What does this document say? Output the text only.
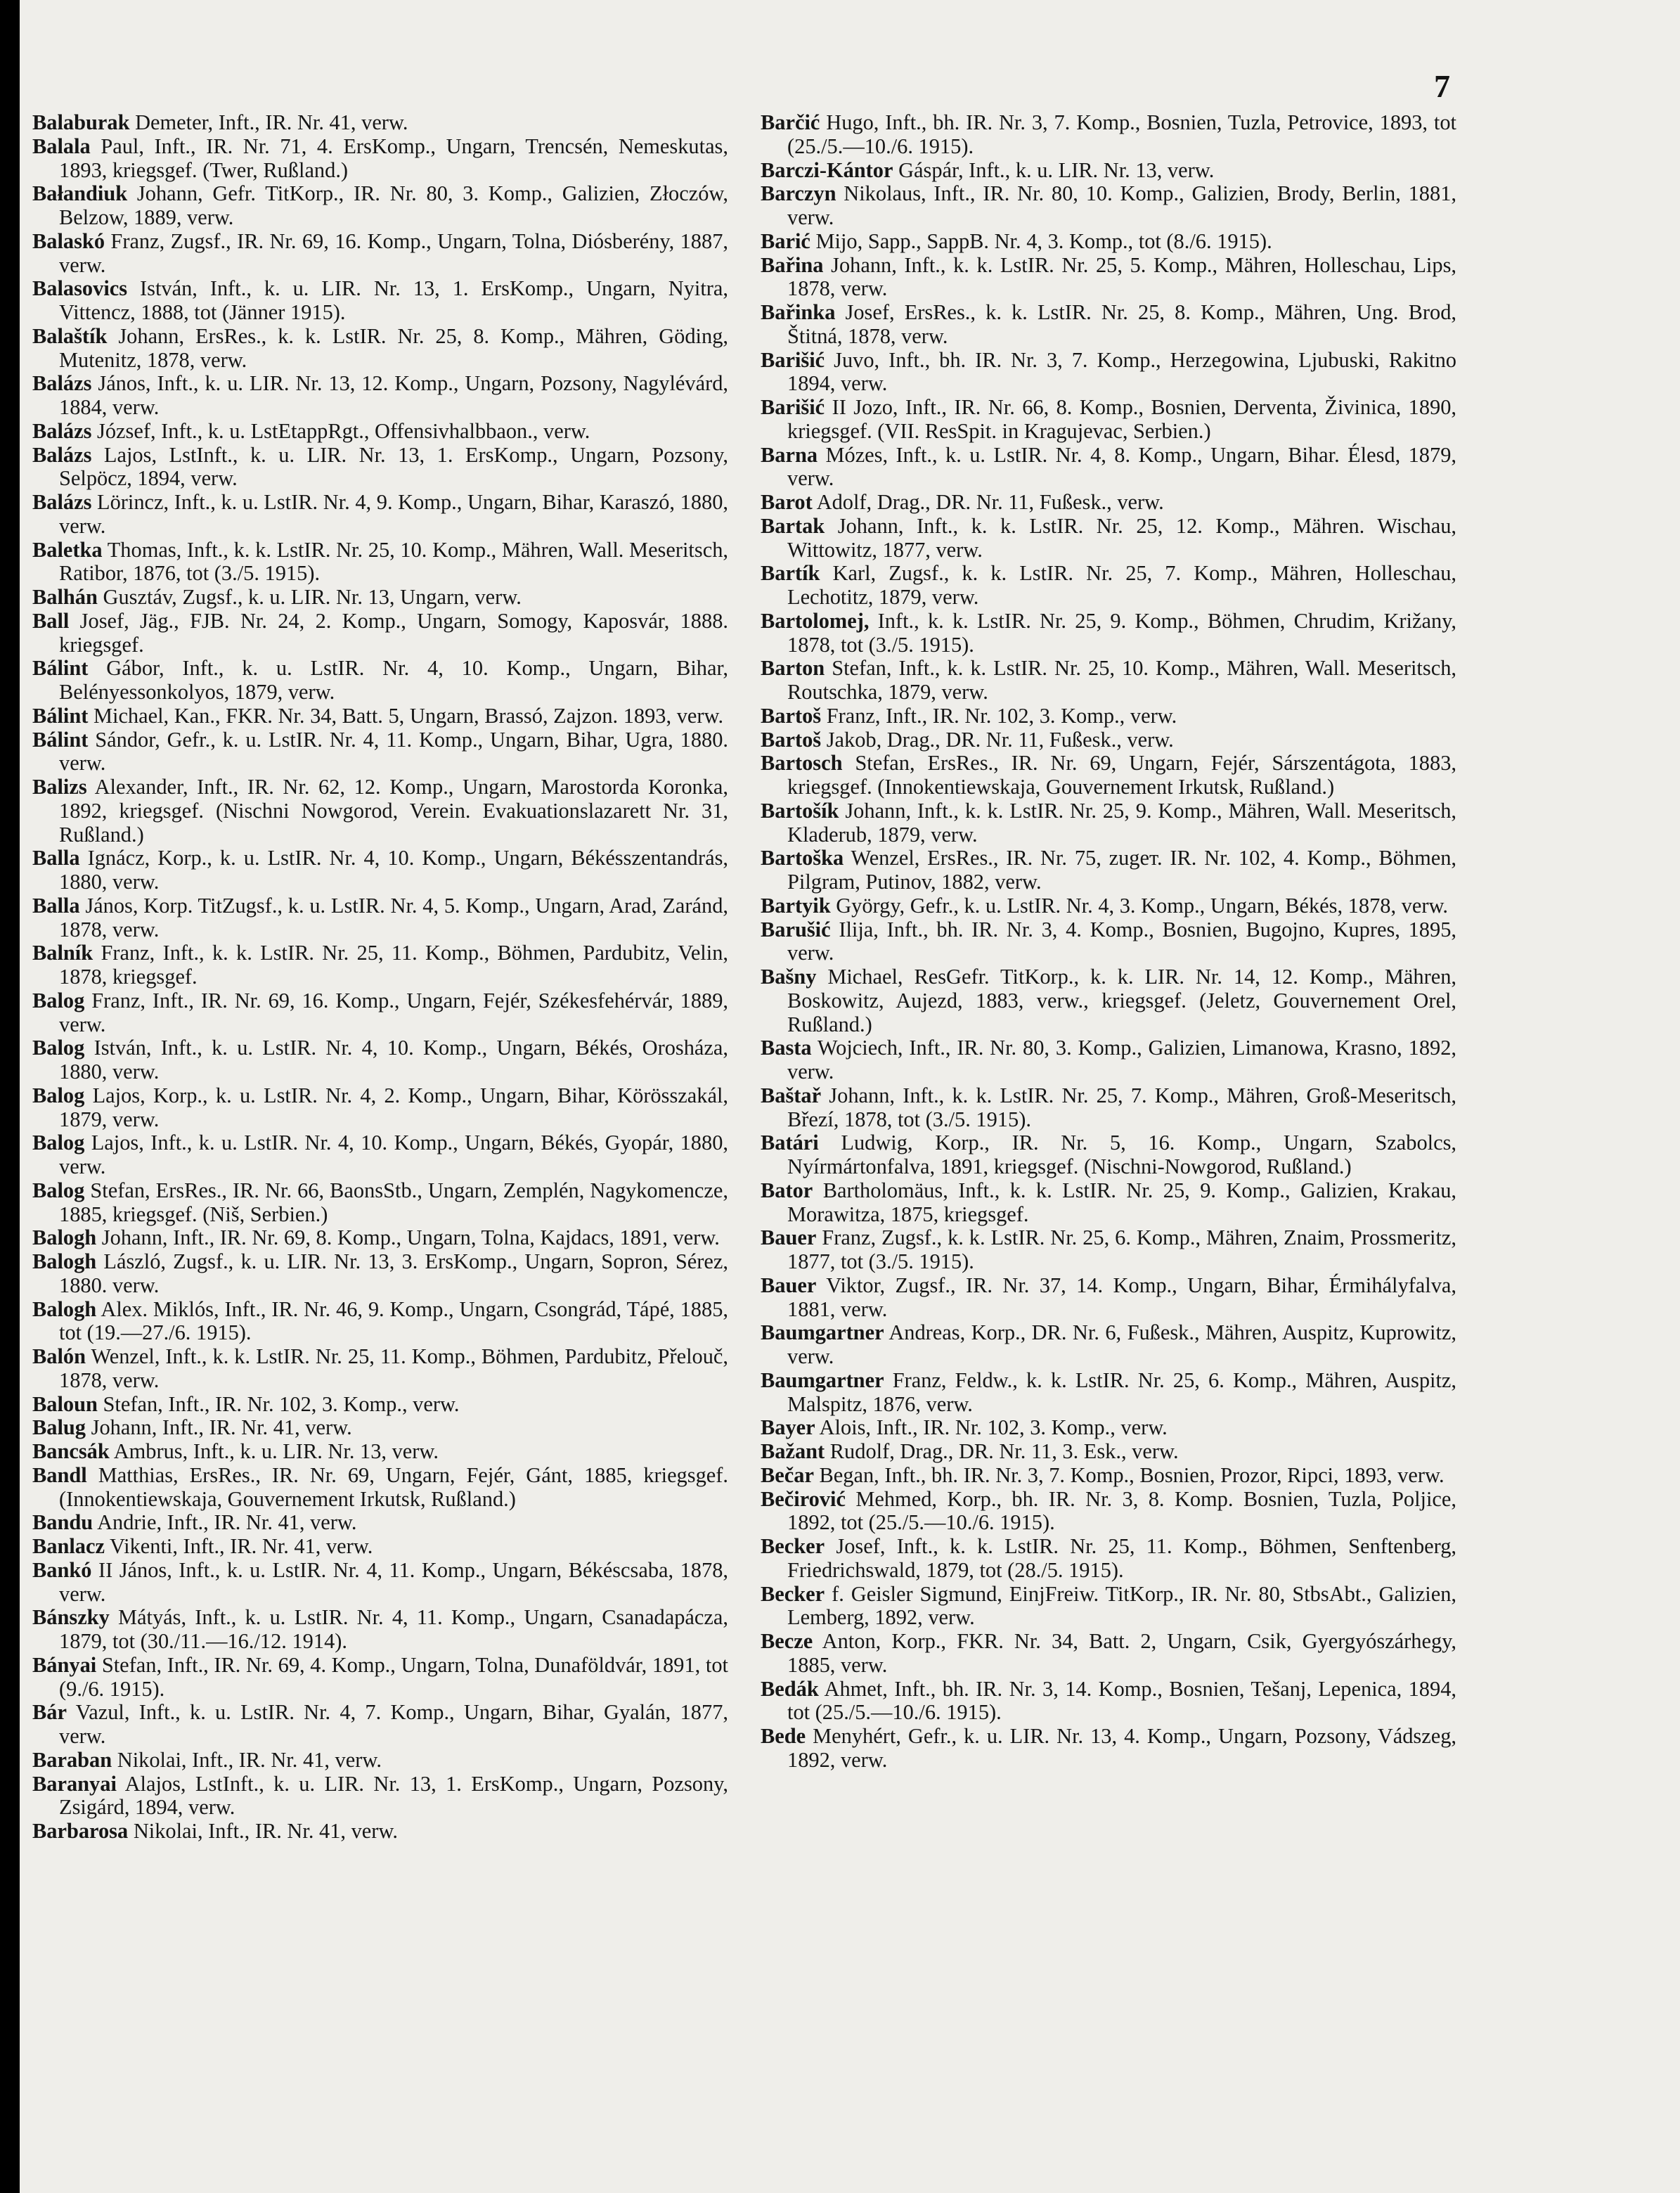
7

Balaburak Demeter, Inft., IR. Nr. 41, verw.

Balala Paul, Inft., IR. Nr. 71, 4. ErsKomp., Ungarn, Trencsén, Nemeskutas, 1893, kriegsgef. (Twer, Rußland.)

Bałandiuk Johann, Gefr. TitKorp., IR. Nr. 80, 3. Komp., Galizien, Złoczów, Belzow, 1889, verw.

Balaskó Franz, Zugsf., IR. Nr. 69, 16. Komp., Ungarn, Tolna, Diósberény, 1887, verw.

Balasovics István, Inft., k. u. LIR. Nr. 13, 1. ErsKomp., Ungarn, Nyitra, Vittencz, 1888, tot (Jänner 1915).

Balaštík Johann, ErsRes., k. k. LstIR. Nr. 25, 8. Komp., Mähren, Göding, Mutenitz, 1878, verw.

Balázs János, Inft., k. u. LIR. Nr. 13, 12. Komp., Ungarn, Pozsony, Nagylévárd, 1884, verw.

Balázs József, Inft., k. u. LstEtappRgt., Offensivhalbbaon., verw.

Balázs Lajos, LstInft., k. u. LIR. Nr. 13, 1. ErsKomp., Ungarn, Pozsony, Selpöcz, 1894, verw.

Balázs Lörincz, Inft., k. u. LstIR. Nr. 4, 9. Komp., Ungarn, Bihar, Karaszó, 1880, verw.

Baletka Thomas, Inft., k. k. LstIR. Nr. 25, 10. Komp., Mähren, Wall. Meseritsch, Ratibor, 1876, tot (3./5. 1915).

Balhán Gusztáv, Zugsf., k. u. LIR. Nr. 13, Ungarn, verw.

Ball Josef, Jäg., FJB. Nr. 24, 2. Komp., Ungarn, Somogy, Kaposvár, 1888. kriegsgef.

Bálint Gábor, Inft., k. u. LstIR. Nr. 4, 10. Komp., Ungarn, Bihar, Belényessonkolyos, 1879, verw.

Bálint Michael, Kan., FKR. Nr. 34, Batt. 5, Ungarn, Brassó, Zajzon. 1893, verw.

Bálint Sándor, Gefr., k. u. LstIR. Nr. 4, 11. Komp., Ungarn, Bihar, Ugra, 1880. verw.

Balizs Alexander, Inft., IR. Nr. 62, 12. Komp., Ungarn, Marostorda Koronka, 1892, kriegsgef. (Nischni Nowgorod, Verein. Evakuationslazarett Nr. 31, Rußland.)

Balla Ignácz, Korp., k. u. LstIR. Nr. 4, 10. Komp., Ungarn, Békésszentandrás, 1880, verw.

Balla János, Korp. TitZugsf., k. u. LstIR. Nr. 4, 5. Komp., Ungarn, Arad, Zaránd, 1878, verw.

Balník Franz, Inft., k. k. LstIR. Nr. 25, 11. Komp., Böhmen, Pardubitz, Velin, 1878, kriegsgef.

Balog Franz, Inft., IR. Nr. 69, 16. Komp., Ungarn, Fejér, Székesfehérvár, 1889, verw.

Balog István, Inft., k. u. LstIR. Nr. 4, 10. Komp., Ungarn, Békés, Orosháza, 1880, verw.

Balog Lajos, Korp., k. u. LstIR. Nr. 4, 2. Komp., Ungarn, Bihar, Körösszakál, 1879, verw.

Balog Lajos, Inft., k. u. LstIR. Nr. 4, 10. Komp., Ungarn, Békés, Gyopár, 1880, verw.

Balog Stefan, ErsRes., IR. Nr. 66, BaonsStb., Ungarn, Zemplén, Nagykomencze, 1885, kriegsgef. (Niš, Serbien.)

Balogh Johann, Inft., IR. Nr. 69, 8. Komp., Ungarn, Tolna, Kajdacs, 1891, verw.

Balogh László, Zugsf., k. u. LIR. Nr. 13, 3. ErsKomp., Ungarn, Sopron, Sérez, 1880. verw.

Balogh Alex. Miklós, Inft., IR. Nr. 46, 9. Komp., Ungarn, Csongrád, Tápé, 1885, tot (19.—27./6. 1915).

Balón Wenzel, Inft., k. k. LstIR. Nr. 25, 11. Komp., Böhmen, Pardubitz, Přelouč, 1878, verw.

Baloun Stefan, Inft., IR. Nr. 102, 3. Komp., verw.

Balug Johann, Inft., IR. Nr. 41, verw.

Bancsák Ambrus, Inft., k. u. LIR. Nr. 13, verw.

Bandl Matthias, ErsRes., IR. Nr. 69, Ungarn, Fejér, Gánt, 1885, kriegsgef. (Innokentiewskaja, Gouvernement Irkutsk, Rußland.)

Bandu Andrie, Inft., IR. Nr. 41, verw.

Banlacz Vikenti, Inft., IR. Nr. 41, verw.

Bankó II János, Inft., k. u. LstIR. Nr. 4, 11. Komp., Ungarn, Békéscsaba, 1878, verw.

Bánszky Mátyás, Inft., k. u. LstIR. Nr. 4, 11. Komp., Ungarn, Csanadapácza, 1879, tot (30./11.—16./12. 1914).

Bányai Stefan, Inft., IR. Nr. 69, 4. Komp., Ungarn, Tolna, Dunaföldvár, 1891, tot (9./6. 1915).

Bár Vazul, Inft., k. u. LstIR. Nr. 4, 7. Komp., Ungarn, Bihar, Gyalán, 1877, verw.

Baraban Nikolai, Inft., IR. Nr. 41, verw.

Baranyai Alajos, LstInft., k. u. LIR. Nr. 13, 1. ErsKomp., Ungarn, Pozsony, Zsigárd, 1894, verw.

Barbarosa Nikolai, Inft., IR. Nr. 41, verw.

Barčić Hugo, Inft., bh. IR. Nr. 3, 7. Komp., Bosnien, Tuzla, Petrovice, 1893, tot (25./5.—10./6. 1915).

Barczi-Kántor Gáspár, Inft., k. u. LIR. Nr. 13, verw.

Barczyn Nikolaus, Inft., IR. Nr. 80, 10. Komp., Galizien, Brody, Berlin, 1881, verw.

Barić Mijo, Sapp., SappB. Nr. 4, 3. Komp., tot (8./6. 1915).

Bařina Johann, Inft., k. k. LstIR. Nr. 25, 5. Komp., Mähren, Holleschau, Lips, 1878, verw.

Bařinka Josef, ErsRes., k. k. LstIR. Nr. 25, 8. Komp., Mähren, Ung. Brod, Štitná, 1878, verw.

Barišić Juvo, Inft., bh. IR. Nr. 3, 7. Komp., Herzegowina, Ljubuski, Rakitno 1894, verw.

Barišić II Jozo, Inft., IR. Nr. 66, 8. Komp., Bosnien, Derventa, Živinica, 1890, kriegsgef. (VII. ResSpit. in Kragujevac, Serbien.)

Barna Mózes, Inft., k. u. LstIR. Nr. 4, 8. Komp., Ungarn, Bihar. Élesd, 1879, verw.

Barot Adolf, Drag., DR. Nr. 11, Fußesk., verw.

Bartak Johann, Inft., k. k. LstIR. Nr. 25, 12. Komp., Mähren. Wischau, Wittowitz, 1877, verw.

Bartík Karl, Zugsf., k. k. LstIR. Nr. 25, 7. Komp., Mähren, Holleschau, Lechotitz, 1879, verw.

Bartolomej, Inft., k. k. LstIR. Nr. 25, 9. Komp., Böhmen, Chrudim, Križany, 1878, tot (3./5. 1915).

Barton Stefan, Inft., k. k. LstIR. Nr. 25, 10. Komp., Mähren, Wall. Meseritsch, Routschka, 1879, verw.

Bartoš Franz, Inft., IR. Nr. 102, 3. Komp., verw.

Bartoš Jakob, Drag., DR. Nr. 11, Fußesk., verw.

Bartosch Stefan, ErsRes., IR. Nr. 69, Ungarn, Fejér, Sárszentágota, 1883, kriegsgef. (Innokentiewskaja, Gouvernement Irkutsk, Rußland.)

Bartošík Johann, Inft., k. k. LstIR. Nr. 25, 9. Komp., Mähren, Wall. Meseritsch, Kladerub, 1879, verw.

Bartoška Wenzel, ErsRes., IR. Nr. 75, zugет. IR. Nr. 102, 4. Komp., Böhmen, Pilgram, Putinov, 1882, verw.

Bartyik György, Gefr., k. u. LstIR. Nr. 4, 3. Komp., Ungarn, Békés, 1878, verw.

Barušić Ilija, Inft., bh. IR. Nr. 3, 4. Komp., Bosnien, Bugojno, Kupres, 1895, verw.

Bašny Michael, ResGefr. TitKorp., k. k. LIR. Nr. 14, 12. Komp., Mähren, Boskowitz, Aujezd, 1883, verw., kriegsgef. (Jeletz, Gouvernement Orel, Rußland.)

Basta Wojciech, Inft., IR. Nr. 80, 3. Komp., Galizien, Limanowa, Krasno, 1892, verw.

Baštař Johann, Inft., k. k. LstIR. Nr. 25, 7. Komp., Mähren, Groß-Meseritsch, Březí, 1878, tot (3./5. 1915).

Batári Ludwig, Korp., IR. Nr. 5, 16. Komp., Ungarn, Szabolcs, Nyírmártonfalva, 1891, kriegsgef. (Nischni-Nowgorod, Rußland.)

Bator Bartholomäus, Inft., k. k. LstIR. Nr. 25, 9. Komp., Galizien, Krakau, Morawitza, 1875, kriegsgef.

Bauer Franz, Zugsf., k. k. LstIR. Nr. 25, 6. Komp., Mähren, Znaim, Prossmeritz, 1877, tot (3./5. 1915).

Bauer Viktor, Zugsf., IR. Nr. 37, 14. Komp., Ungarn, Bihar, Érmihályfalva, 1881, verw.

Baumgartner Andreas, Korp., DR. Nr. 6, Fußesk., Mähren, Auspitz, Kuprowitz, verw.

Baumgartner Franz, Feldw., k. k. LstIR. Nr. 25, 6. Komp., Mähren, Auspitz, Malspitz, 1876, verw.

Bayer Alois, Inft., IR. Nr. 102, 3. Komp., verw.

Bažant Rudolf, Drag., DR. Nr. 11, 3. Esk., verw.

Bečar Began, Inft., bh. IR. Nr. 3, 7. Komp., Bosnien, Prozor, Ripci, 1893, verw.

Bečirović Mehmed, Korp., bh. IR. Nr. 3, 8. Komp. Bosnien, Tuzla, Poljice, 1892, tot (25./5.—10./6. 1915).

Becker Josef, Inft., k. k. LstIR. Nr. 25, 11. Komp., Böhmen, Senftenberg, Friedrichswald, 1879, tot (28./5. 1915).

Becker f. Geisler Sigmund, EinjFreiw. TitKorp., IR. Nr. 80, StbsAbt., Galizien, Lemberg, 1892, verw.

Becze Anton, Korp., FKR. Nr. 34, Batt. 2, Ungarn, Csik, Gyergyószárhegy, 1885, verw.

Bedák Ahmet, Inft., bh. IR. Nr. 3, 14. Komp., Bosnien, Tešanj, Lepenica, 1894, tot (25./5.—10./6. 1915).

Bede Menyhért, Gefr., k. u. LIR. Nr. 13, 4. Komp., Ungarn, Pozsony, Vádszeg, 1892, verw.
